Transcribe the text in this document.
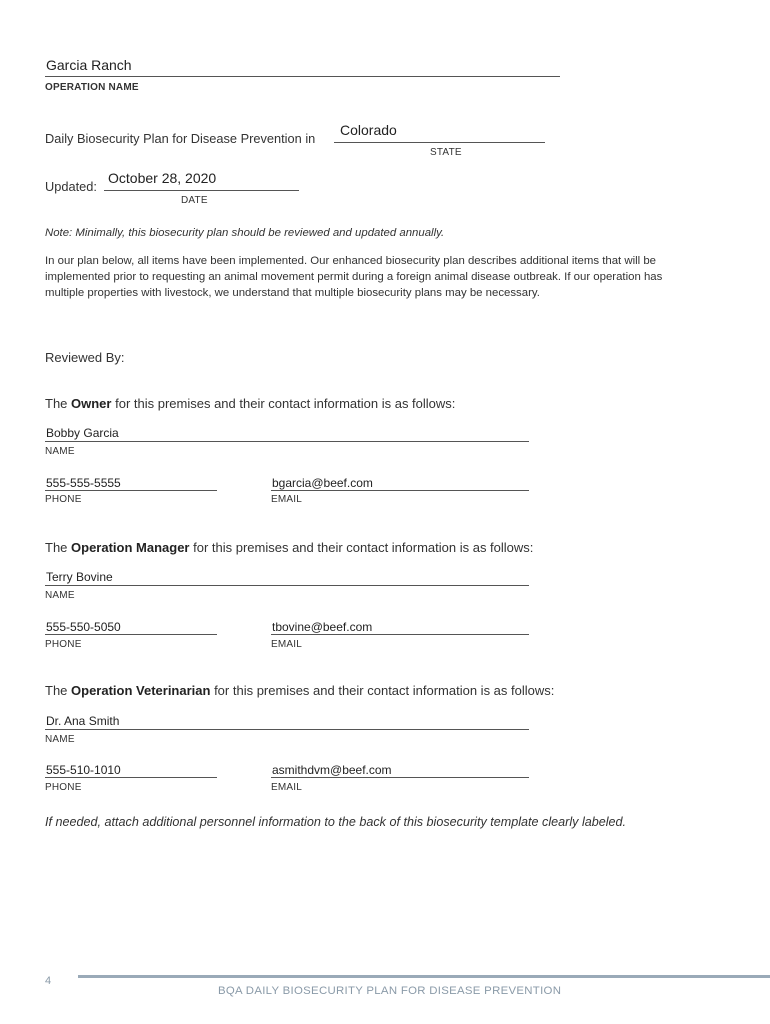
Garcia Ranch
OPERATION NAME
Daily Biosecurity Plan for Disease Prevention in
Colorado
STATE
Updated:
October 28, 2020
DATE
Note: Minimally, this biosecurity plan should be reviewed and updated annually.
In our plan below, all items have been implemented. Our enhanced biosecurity plan describes additional items that will be
implemented prior to requesting an animal movement permit during a foreign animal disease outbreak. If our operation has
multiple properties with livestock, we understand that multiple biosecurity plans may be necessary.
Reviewed By:
The Owner for this premises and their contact information is as follows:
Bobby Garcia
NAME
555-555-5555
PHONE
bgarcia@beef.com
EMAIL
The Operation Manager for this premises and their contact information is as follows:
Terry Bovine
NAME
555-550-5050
PHONE
tbovine@beef.com
EMAIL
The Operation Veterinarian for this premises and their contact information is as follows:
Dr. Ana Smith
NAME
555-510-1010
PHONE
asmithdvm@beef.com
EMAIL
If needed, attach additional personnel information to the back of this biosecurity template clearly labeled.
4
BQA DAILY BIOSECURITY PLAN FOR DISEASE PREVENTION
